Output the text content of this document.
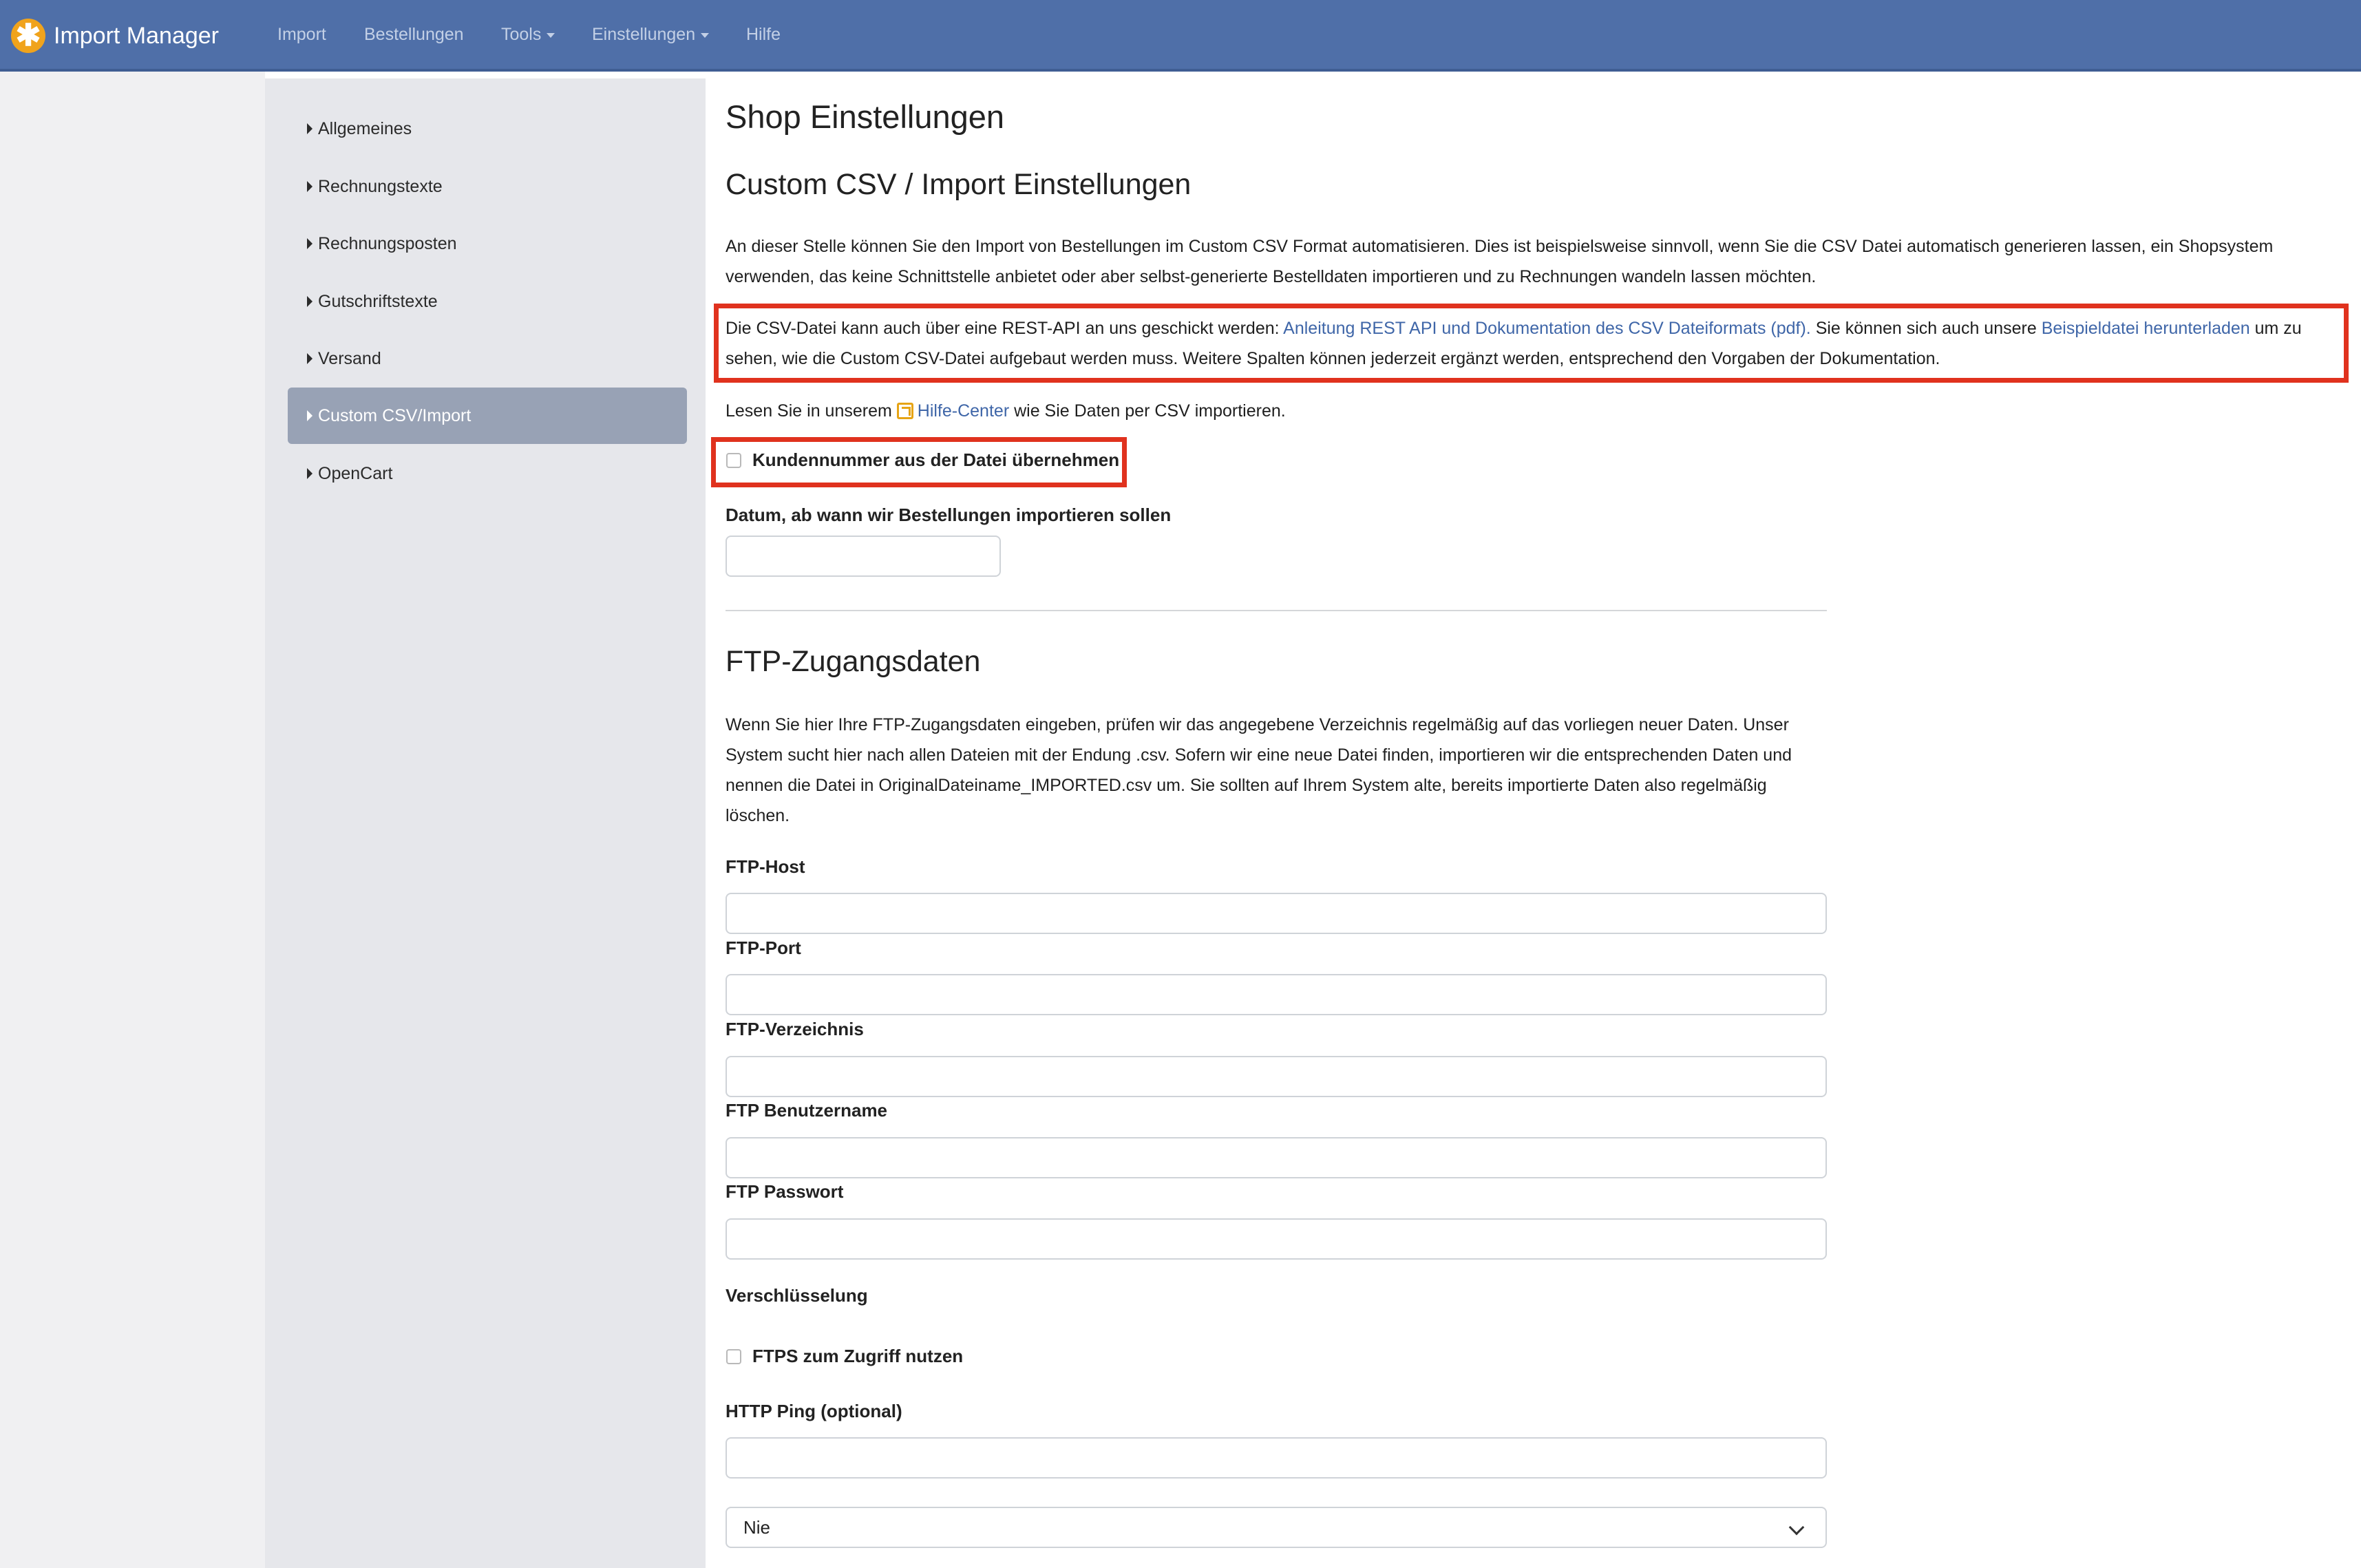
✱ Import Manager	Import Bestellungen Tools	Einstellungen	Hilfe
Allgemeines
Rechnungstexte
Rechnungsposten
Gutschriftstexte
Versand
Custom CSV/Import
OpenCart
Shop Einstellungen
Custom CSV / Import Einstellungen

An dieser Stelle können Sie den Import von Bestellungen im Custom CSV Format automatisieren. Dies ist beispielsweise sinnvoll, wenn Sie die CSV Datei automatisch generieren lassen, ein Shopsystem verwenden, das keine Schnittstelle anbietet oder aber selbst-generierte Bestelldaten importieren und zu Rechnungen wandeln lassen möchten.

Die CSV-Datei kann auch über eine REST-API an uns geschickt werden: Anleitung REST API und Dokumentation des CSV Dateiformats (pdf). Sie können sich auch unsere Beispieldatei herunterladen um zu sehen, wie die Custom CSV-Datei aufgebaut werden muss. Weitere Spalten können jederzeit ergänzt werden, entsprechend den Vorgaben der Dokumentation.

Lesen Sie in unserem Hilfe-Center wie Sie Daten per CSV importieren.

Kundennummer aus der Datei übernehmen
Datum, ab wann wir Bestellungen importieren sollen
FTP-Zugangsdaten

Wenn Sie hier Ihre FTP-Zugangsdaten eingeben, prüfen wir das angegebene Verzeichnis regelmäßig auf das vorliegen neuer Daten. Unser System sucht hier nach allen Dateien mit der Endung .csv. Sofern wir eine neue Datei finden, importieren wir die entsprechenden Daten und nennen die Datei in OriginalDateiname_IMPORTED.csv um. Sie sollten auf Ihrem System alte, bereits importierte Daten also regelmäßig löschen.

FTP-Host
FTP-Port
FTP-Verzeichnis
FTP Benutzername
FTP Passwort
Verschlüsselung
FTPS zum Zugriff nutzen
HTTP Ping (optional)
Nie
